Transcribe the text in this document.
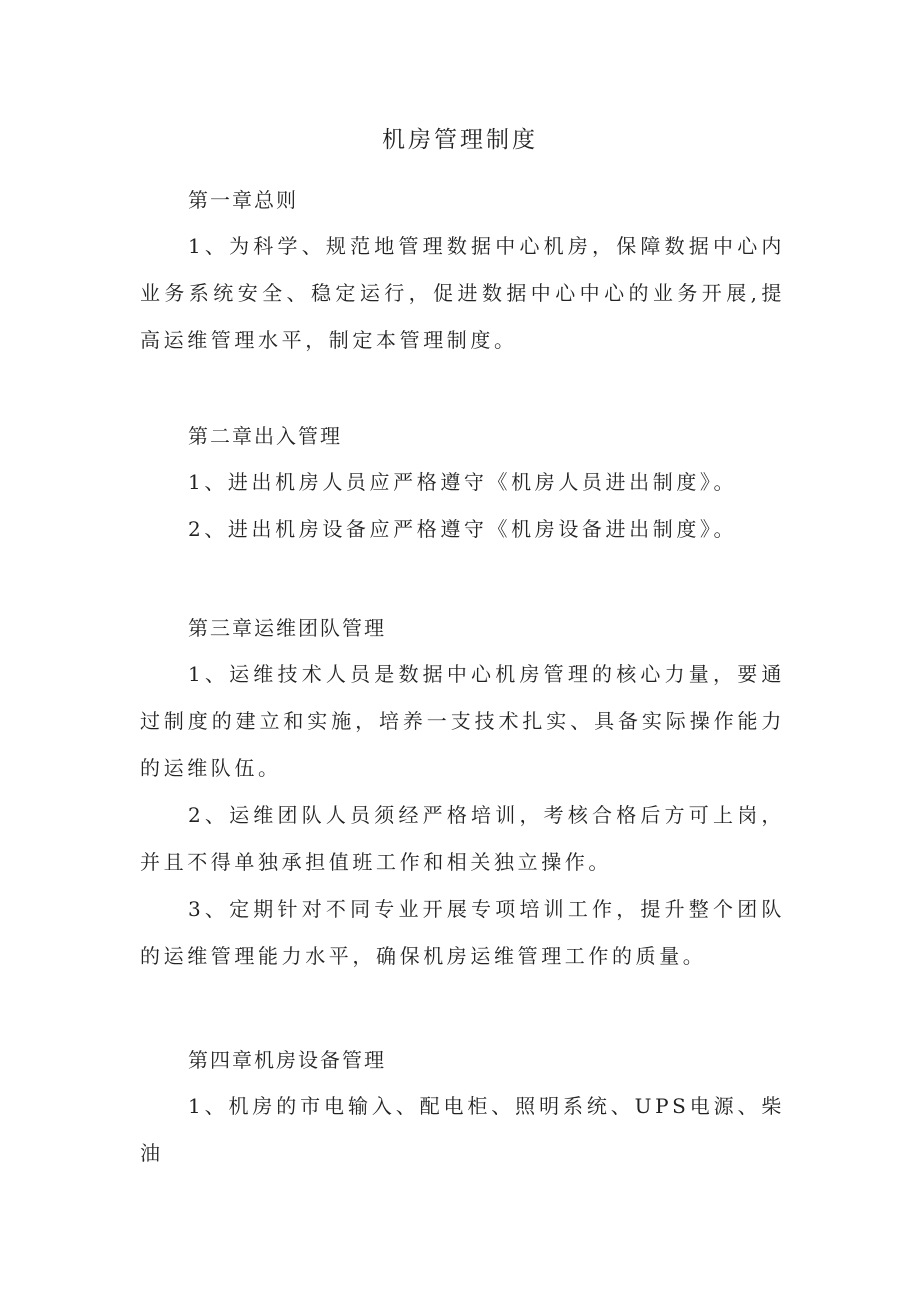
机房管理制度

第一章总则

1、为科学、规范地管理数据中心机房，保障数据中心内业务系统安全、稳定运行，促进数据中心中心的业务开展,提高运维管理水平，制定本管理制度。

第二章出入管理

1、进出机房人员应严格遵守《机房人员进出制度》。

2、进出机房设备应严格遵守《机房设备进出制度》。

第三章运维团队管理

1、运维技术人员是数据中心机房管理的核心力量，要通过制度的建立和实施，培养一支技术扎实、具备实际操作能力的运维队伍。

2、运维团队人员须经严格培训，考核合格后方可上岗，并且不得单独承担值班工作和相关独立操作。

3、定期针对不同专业开展专项培训工作，提升整个团队的运维管理能力水平，确保机房运维管理工作的质量。

第四章机房设备管理

1、机房的市电输入、配电柜、照明系统、UPS电源、柴油
